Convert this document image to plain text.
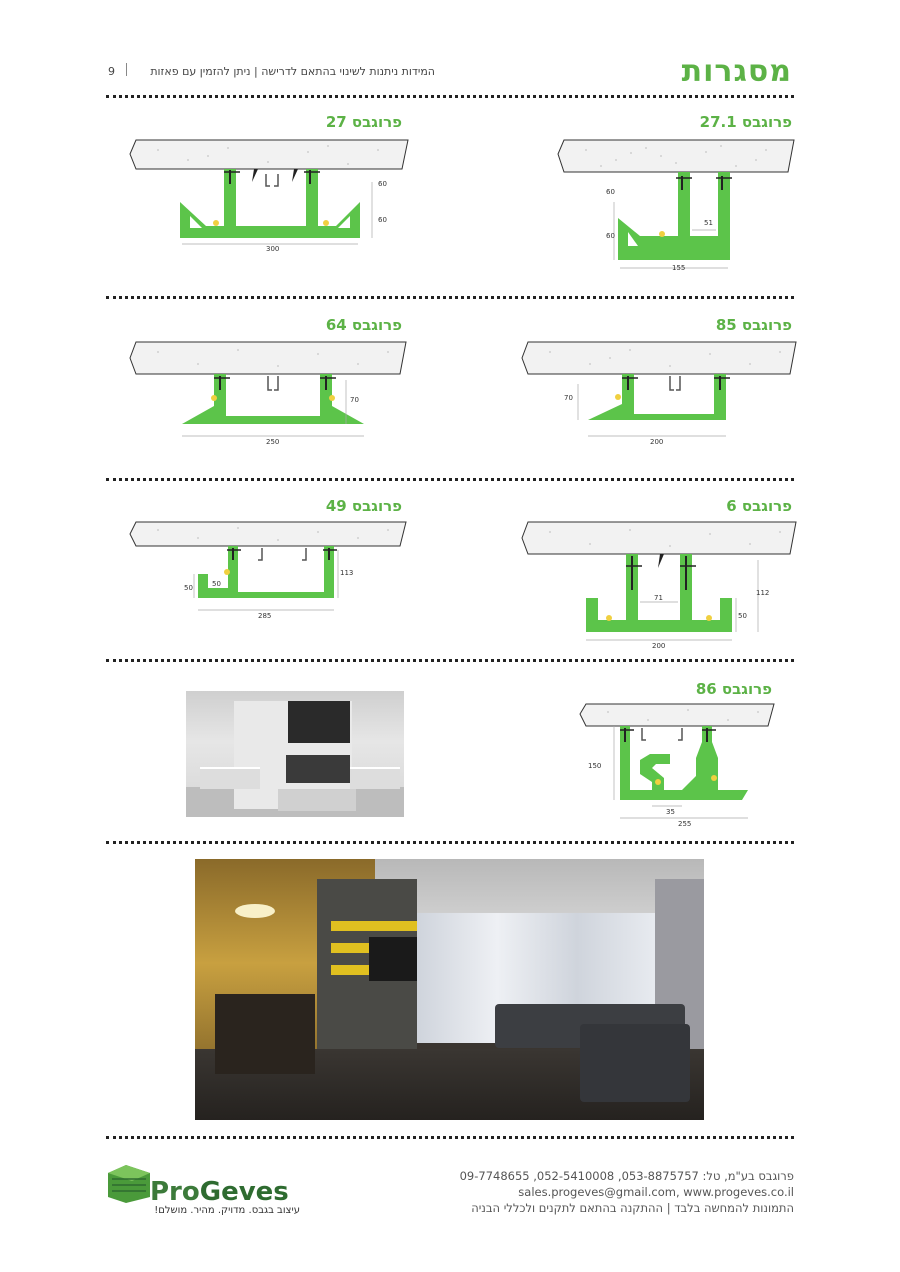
מסגרות
המידות ניתנות לשינוי בהתאם לדרישה | ניתן להזמין עם פאזות
9
פרוגבס 27.1
פרוגבס 27
60
60
51
155
60
60
300
פרוגבס 85
פרוגבס 64
70
200
70
250
פרוגבס 6
פרוגבס 49
112
71
50
200
50	50
113
285
פרוגבס 86
150
35
255
ProGeves
עיצוב בגבס. מדויק. מהיר. מושלם!
פרוגבס בע"מ, טל: 053-8875757, 052-5410008, 09-7748655
sales.progeves@gmail.com, www.progeves.co.il
התמונות להמחשה בלבד | ההתקנה בהתאם לתקנים ולכללי הבניה
